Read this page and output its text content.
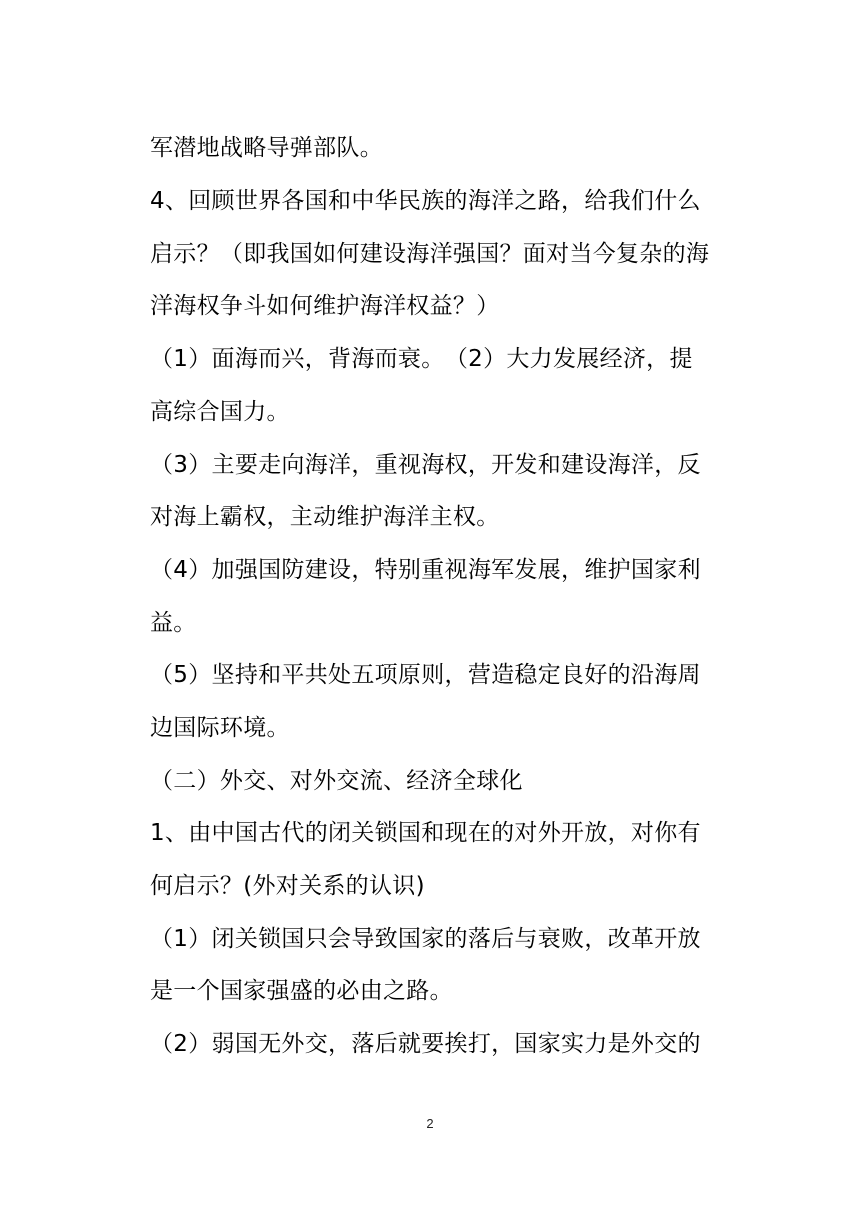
军潜地战略导弹部队。
4、回顾世界各国和中华民族的海洋之路，给我们什么
启示？（即我国如何建设海洋强国？面对当今复杂的海
洋海权争斗如何维护海洋权益？）
（1）面海而兴，背海而衰。　（2）大力发展经济，提
高综合国力。
（3）主要走向海洋，重视海权，开发和建设海洋，反
对海上霸权，主动维护海洋主权。
（4）加强国防建设，特别重视海军发展，维护国家利
益。
（5）坚持和平共处五项原则，营造稳定良好的沿海周
边国际环境。
（二）外交、对外交流、经济全球化
1、由中国古代的闭关锁国和现在的对外开放，对你有
何启示？(外对关系的认识)
（1）闭关锁国只会导致国家的落后与衰败，改革开放
是一个国家强盛的必由之路。
（2）弱国无外交，落后就要挨打，国家实力是外交的
2
